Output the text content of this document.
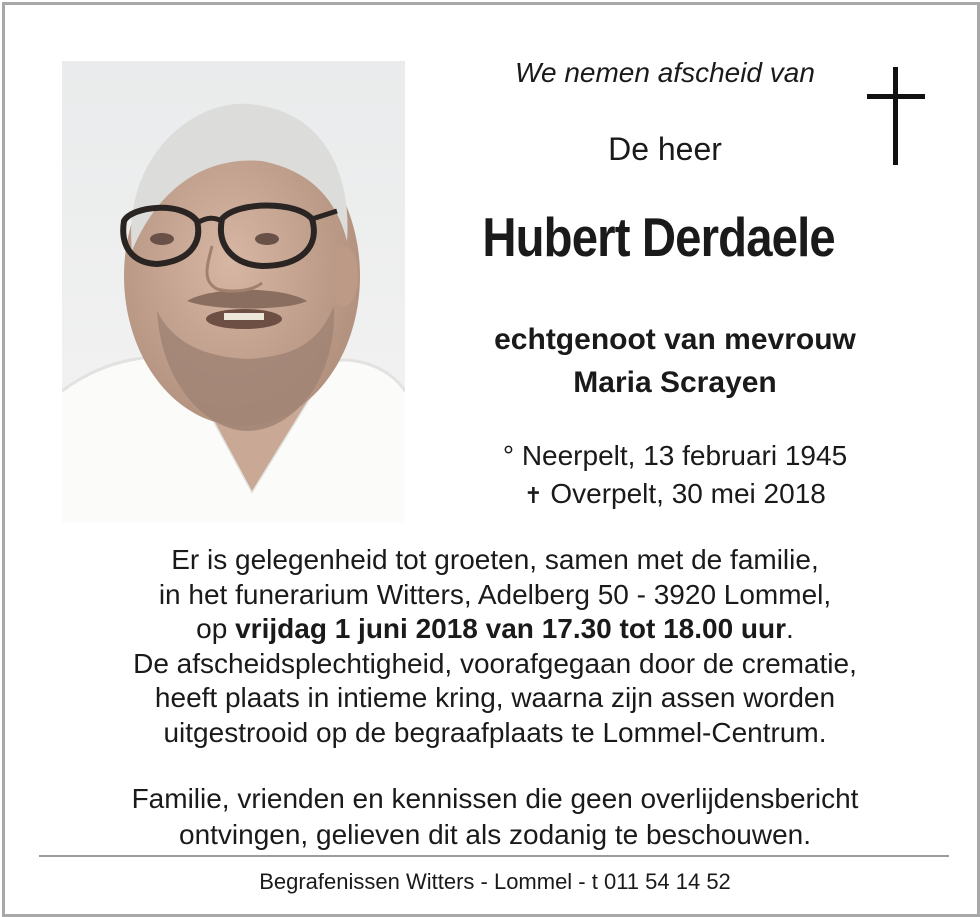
We nemen afscheid van
De heer
Hubert Derdaele
echtgenoot van mevrouw
Maria Scrayen
° Neerpelt, 13 februari 1945
✝ Overpelt, 30 mei 2018
Er is gelegenheid tot groeten, samen met de familie,
in het funerarium Witters, Adelberg 50 - 3920 Lommel,
op vrijdag 1 juni 2018 van 17.30 tot 18.00 uur.
De afscheidsplechtigheid, voorafgegaan door de crematie,
heeft plaats in intieme kring, waarna zijn assen worden
uitgestrooid op de begraafplaats te Lommel-Centrum.
Familie, vrienden en kennissen die geen overlijdensbericht
ontvingen, gelieven dit als zodanig te beschouwen.
Begrafenissen Witters - Lommel - t 011 54 14 52
